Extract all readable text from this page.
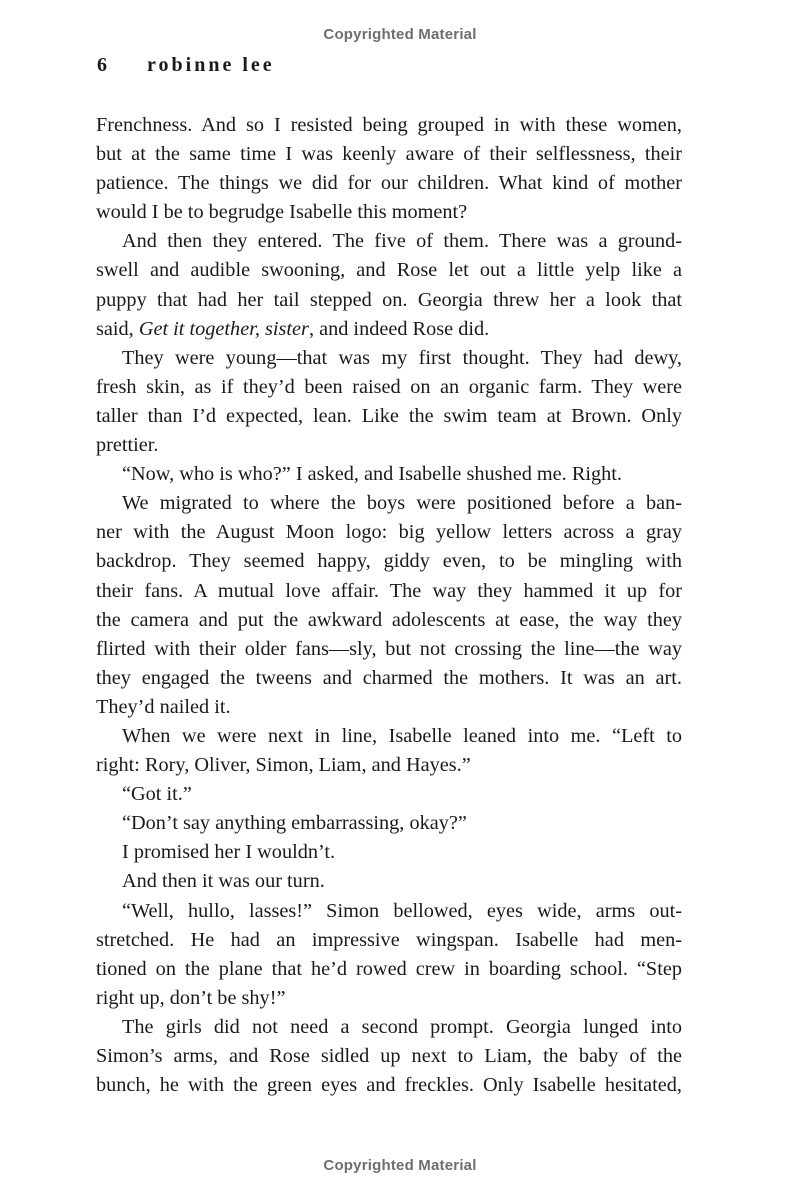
Copyrighted Material
6 robinne lee

Frenchness. And so I resisted being grouped in with these women,
but at the same time I was keenly aware of their selflessness, their
patience. The things we did for our children. What kind of mother
would I be to begrudge Isabelle this moment?

And then they entered. The five of them. There was a ground-
swell and audible swooning, and Rose let out a little yelp like a
puppy that had her tail stepped on. Georgia threw her a look that
said, Get it together, sister, and indeed Rose did.

They were young—that was my first thought. They had dewy,
fresh skin, as if they’d been raised on an organic farm. They were
taller than I’d expected, lean. Like the swim team at Brown. Only
prettier.

“Now, who is who?” I asked, and Isabelle shushed me. Right.

We migrated to where the boys were positioned before a ban-
ner with the August Moon logo: big yellow letters across a gray
backdrop. They seemed happy, giddy even, to be mingling with
their fans. A mutual love affair. The way they hammed it up for
the camera and put the awkward adolescents at ease, the way they
flirted with their older fans—sly, but not crossing the line—the way
they engaged the tweens and charmed the mothers. It was an art.
They’d nailed it.

When we were next in line, Isabelle leaned into me. “Left to
right: Rory, Oliver, Simon, Liam, and Hayes.”

“Got it.”

“Don’t say anything embarrassing, okay?”

I promised her I wouldn’t.

And then it was our turn.

“Well, hullo, lasses!” Simon bellowed, eyes wide, arms out-
stretched. He had an impressive wingspan. Isabelle had men-
tioned on the plane that he’d rowed crew in boarding school. “Step
right up, don’t be shy!”

The girls did not need a second prompt. Georgia lunged into
Simon’s arms, and Rose sidled up next to Liam, the baby of the
bunch, he with the green eyes and freckles. Only Isabelle hesitated,

Copyrighted Material
